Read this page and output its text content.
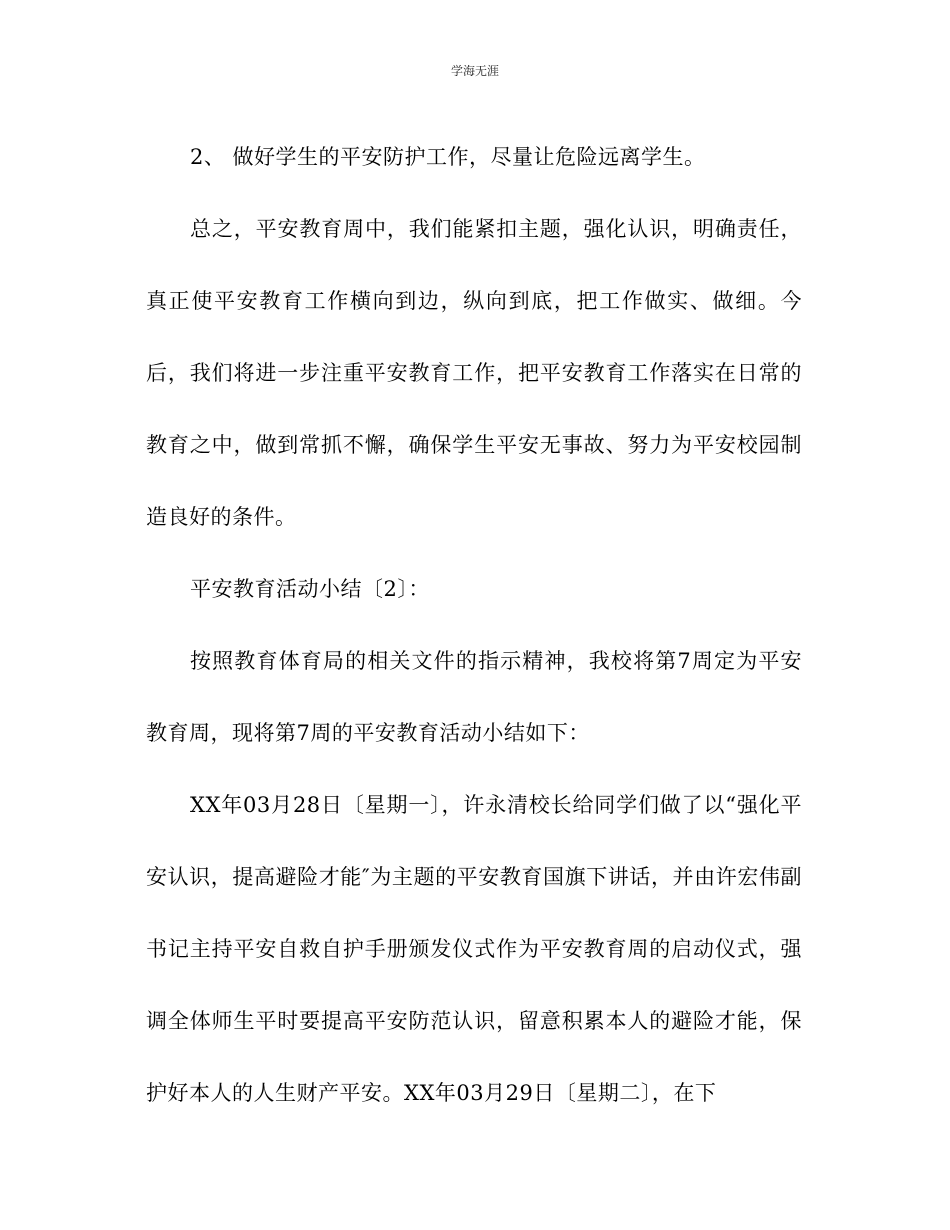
学海无涯

2、 做好学生的平安防护工作，尽量让危险远离学生。

总之，平安教育周中，我们能紧扣主题，强化认识，明确责任，真正使平安教育工作横向到边，纵向到底，把工作做实、做细。今后，我们将进一步注重平安教育工作，把平安教育工作落实在日常的教育之中，做到常抓不懈，确保学生平安无事故、努力为平安校园制造良好的条件。

平安教育活动小结〔2〕：

按照教育体育局的相关文件的指示精神，我校将第7周定为平安教育周，现将第7周的平安教育活动小结如下：

XX年03月28日〔星期一〕，许永清校长给同学们做了以“强化平安认识，提高避险才能″为主题的平安教育国旗下讲话，并由许宏伟副书记主持平安自救自护手册颁发仪式作为平安教育周的启动仪式，强调全体师生平时要提高平安防范认识，留意积累本人的避险才能，保护好本人的人生财产平安。XX年03月29日〔星期二〕，在下
